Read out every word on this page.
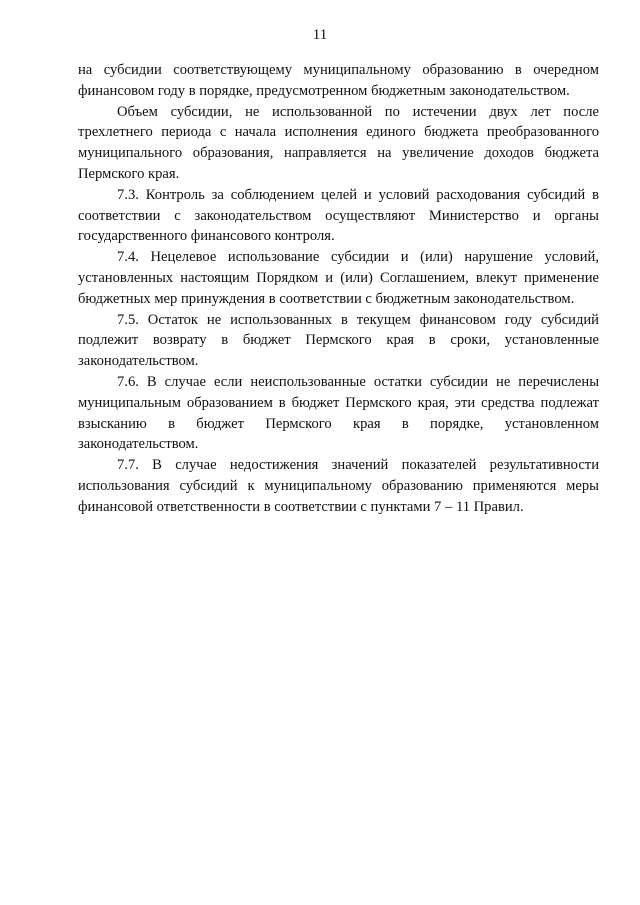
11

на субсидии соответствующему муниципальному образованию в очередном финансовом году в порядке, предусмотренном бюджетным законодательством.

Объем субсидии, не использованной по истечении двух лет после трехлетнего периода с начала исполнения единого бюджета преобразованного муниципального образования, направляется на увеличение доходов бюджета Пермского края.

7.3. Контроль за соблюдением целей и условий расходования субсидий в соответствии с законодательством осуществляют Министерство и органы государственного финансового контроля.

7.4. Нецелевое использование субсидии и (или) нарушение условий, установленных настоящим Порядком и (или) Соглашением, влекут применение бюджетных мер принуждения в соответствии с бюджетным законодательством.

7.5. Остаток не использованных в текущем финансовом году субсидий подлежит возврату в бюджет Пермского края в сроки, установленные законодательством.

7.6. В случае если неиспользованные остатки субсидии не перечислены муниципальным образованием в бюджет Пермского края, эти средства подлежат взысканию в бюджет Пермского края в порядке, установленном законодательством.

7.7. В случае недостижения значений показателей результативности использования субсидий к муниципальному образованию применяются меры финансовой ответственности в соответствии с пунктами 7 – 11 Правил.
